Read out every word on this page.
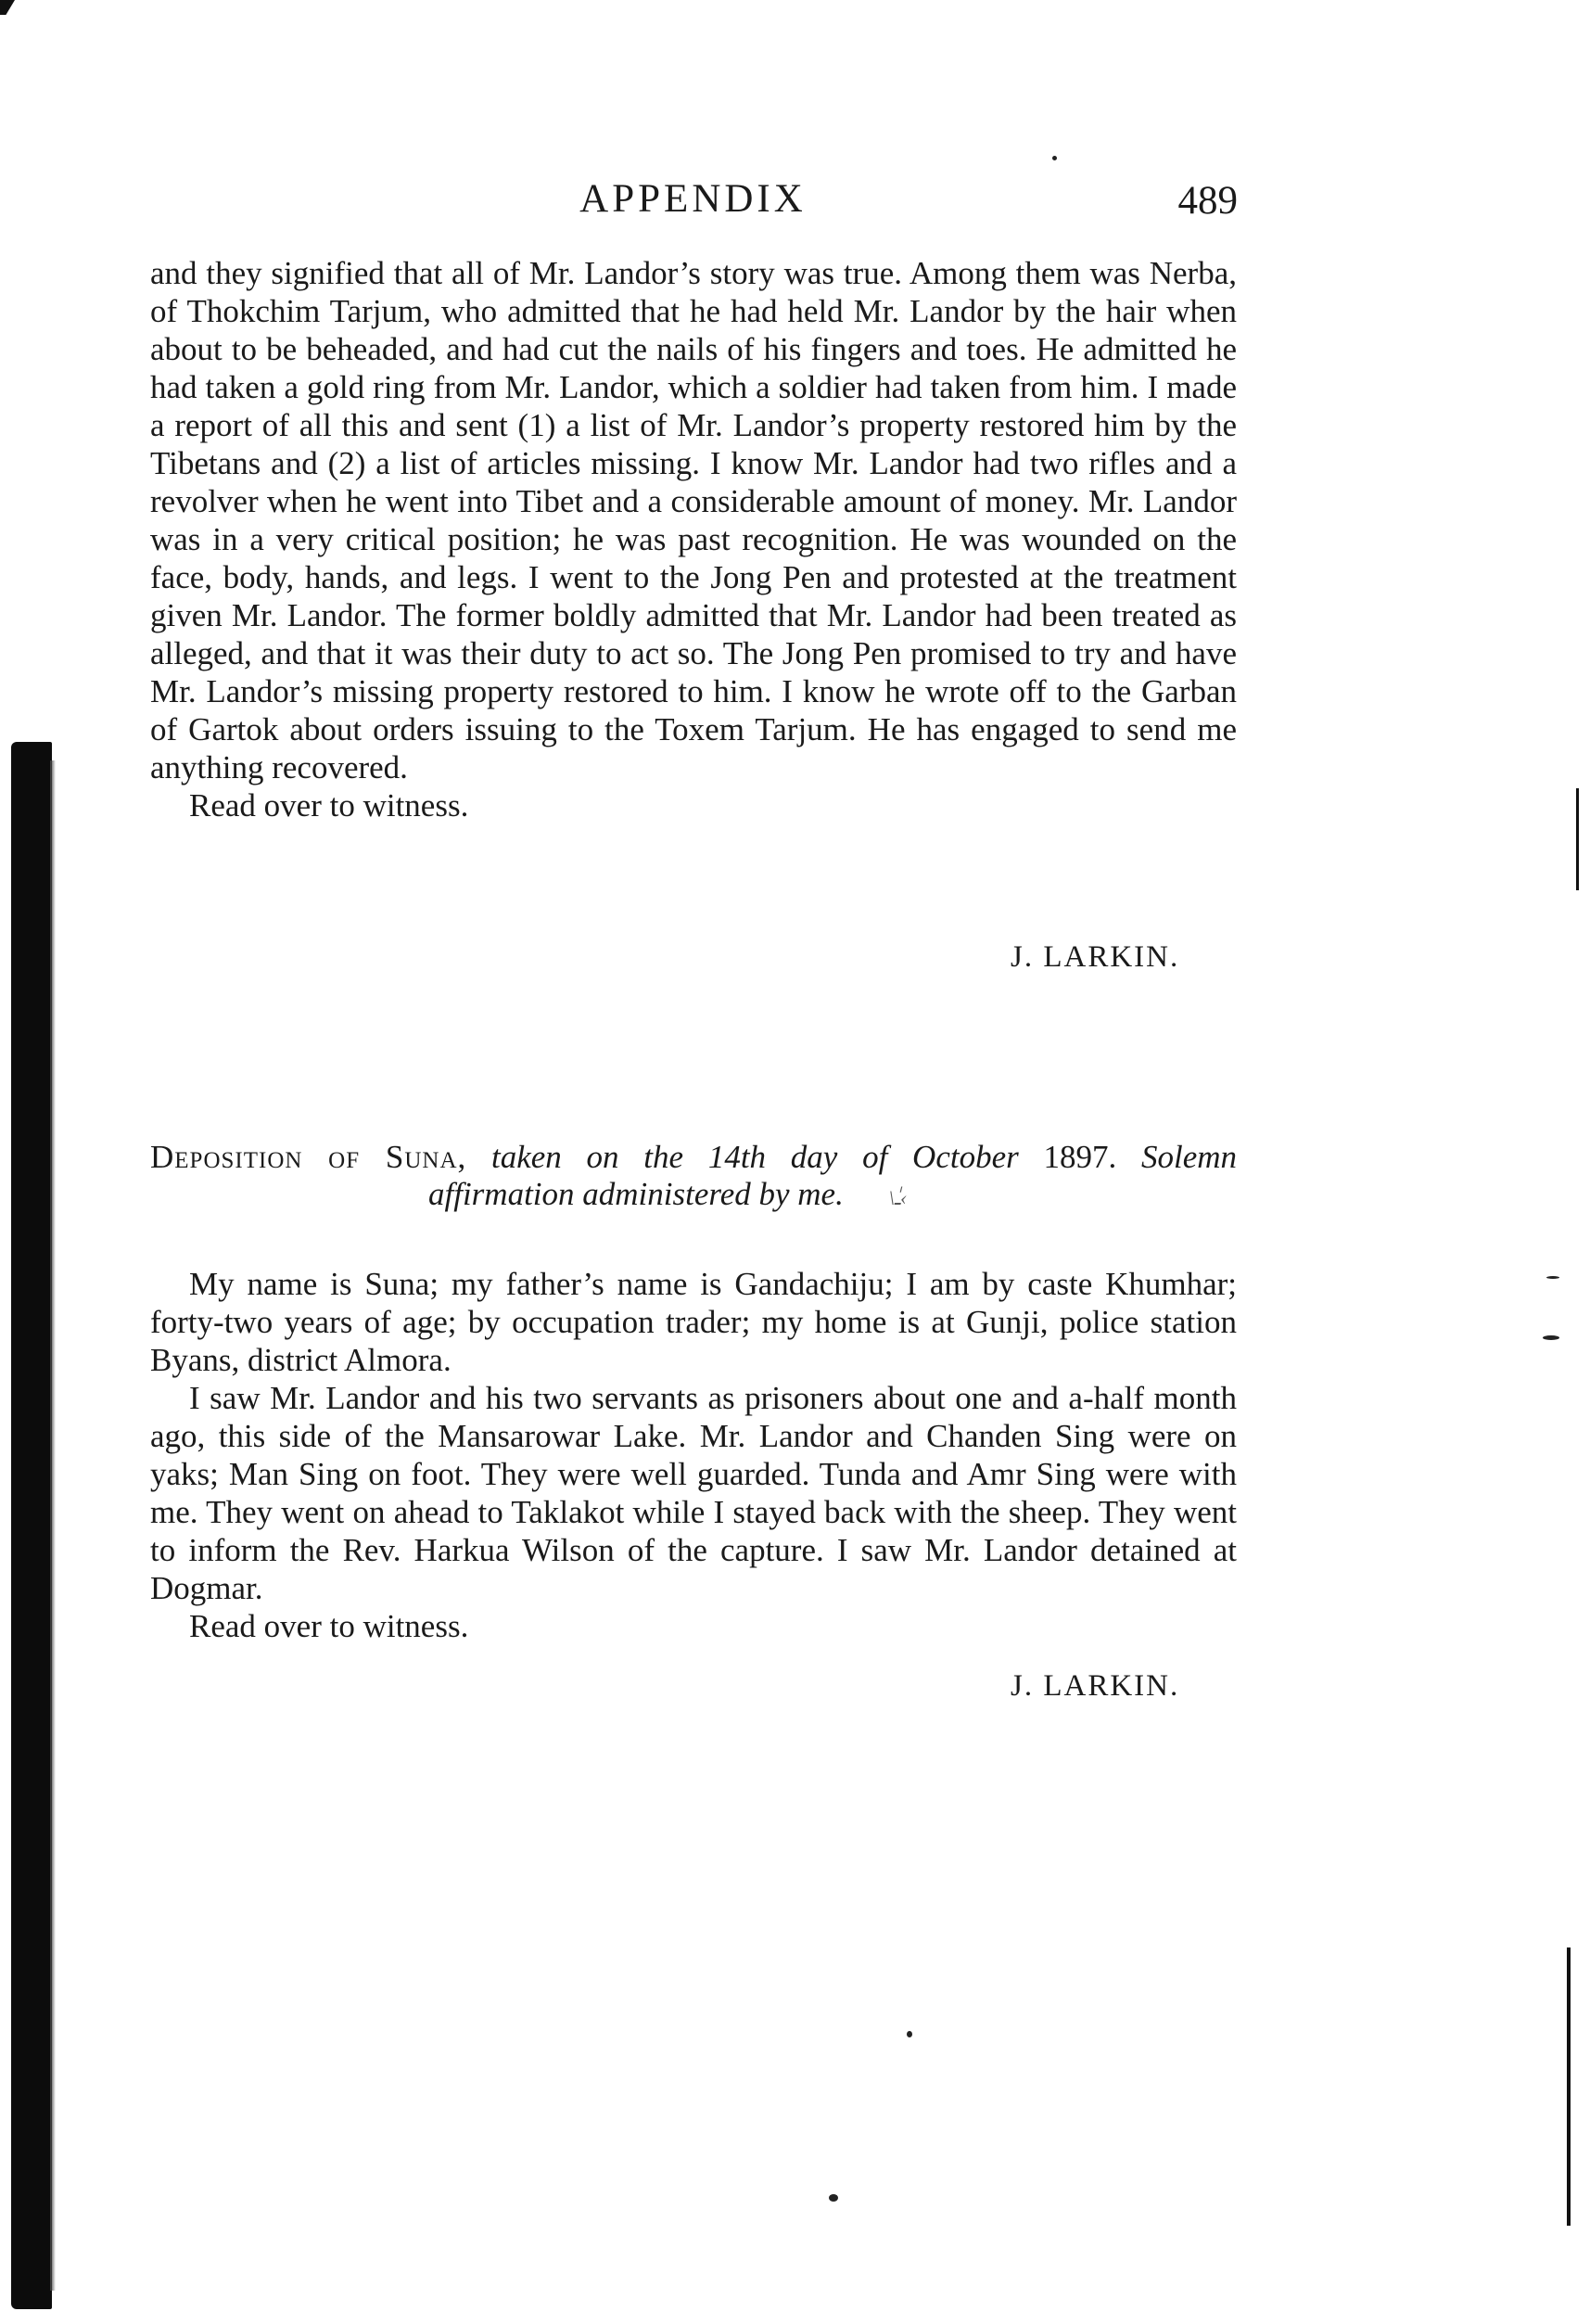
APPENDIX	489

and they signified that all of Mr. Landor’s story was true. Among them was Nerba, of Thokchim Tarjum, who admitted that he had held Mr. Landor by the hair when about to be beheaded, and had cut the nails of his fingers and toes. He admitted he had taken a gold ring from Mr. Landor, which a soldier had taken from him. I made a report of all this and sent (1) a list of Mr. Landor’s property restored him by the Tibetans and (2) a list of articles missing. I know Mr. Landor had two rifles and a revolver when he went into Tibet and a considerable amount of money. Mr. Landor was in a very critical position; he was past recognition. He was wounded on the face, body, hands, and legs. I went to the Jong Pen and protested at the treatment given Mr. Landor. The former boldly admitted that Mr. Landor had been treated as alleged, and that it was their duty to act so. The Jong Pen promised to try and have Mr. Landor’s missing property restored to him. I know he wrote off to the Garban of Gartok about orders issuing to the Toxem Tarjum. He has engaged to send me anything recovered.

Read over to witness.

J. LARKIN.
Deposition of Suna, taken on the 14th day of October 1897. Solemn
affirmation administered by me. \ـٰ‹

My name is Suna; my father’s name is Gandachiju; I am by caste Khumhar; forty-two years of age; by occupation trader; my home is at Gunji, police station Byans, district Almora.

I saw Mr. Landor and his two servants as prisoners about one and a-half month ago, this side of the Mansarowar Lake. Mr. Landor and Chanden Sing were on yaks; Man Sing on foot. They were well guarded. Tunda and Amr Sing were with me. They went on ahead to Taklakot while I stayed back with the sheep. They went to inform the Rev. Harkua Wilson of the capture. I saw Mr. Landor detained at Dogmar.

Read over to witness.

J. LARKIN.
